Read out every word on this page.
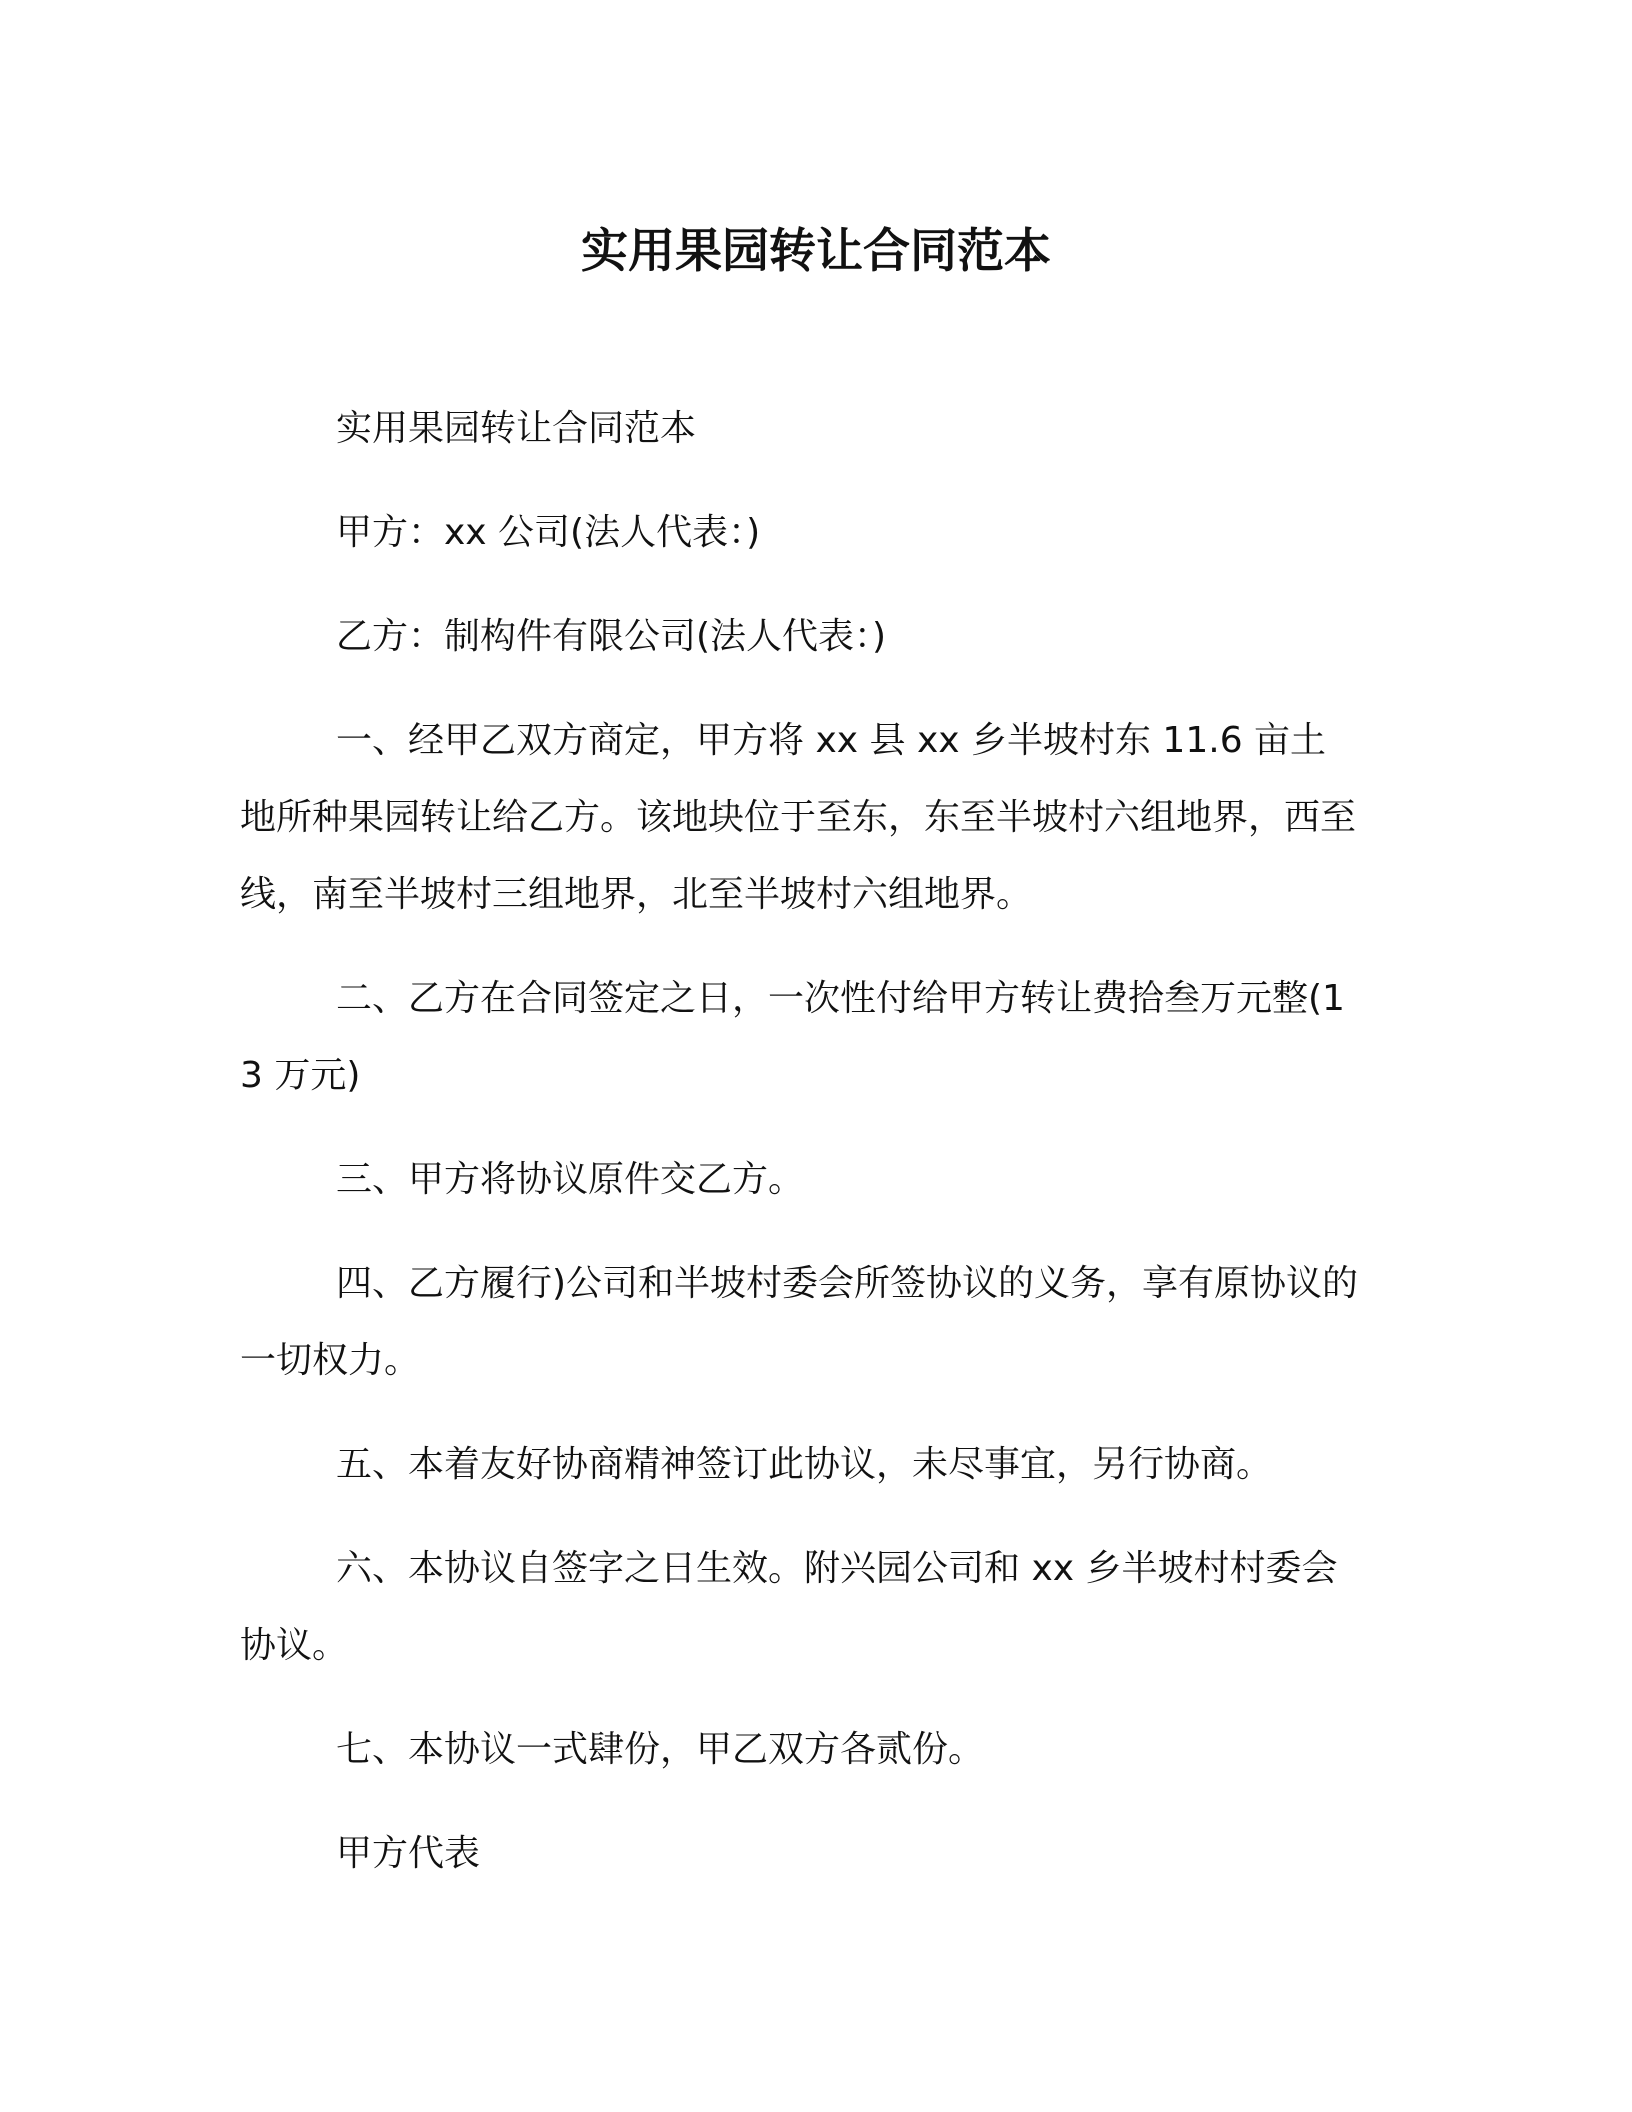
实用果园转让合同范本

实用果园转让合同范本

甲方：xx 公司(法人代表：)

乙方：制构件有限公司(法人代表：)

一、经甲乙双方商定，甲方将 xx 县 xx 乡半坡村东 11.6 亩土地所种果园转让给乙方。该地块位于至东，东至半坡村六组地界，西至线，南至半坡村三组地界，北至半坡村六组地界。

二、乙方在合同签定之日，一次性付给甲方转让费拾叁万元整(13 万元)

三、甲方将协议原件交乙方。

四、乙方履行)公司和半坡村委会所签协议的义务，享有原协议的一切权力。

五、本着友好协商精神签订此协议，未尽事宜，另行协商。

六、本协议自签字之日生效。附兴园公司和 xx 乡半坡村村委会协议。

七、本协议一式肆份，甲乙双方各贰份。

甲方代表
